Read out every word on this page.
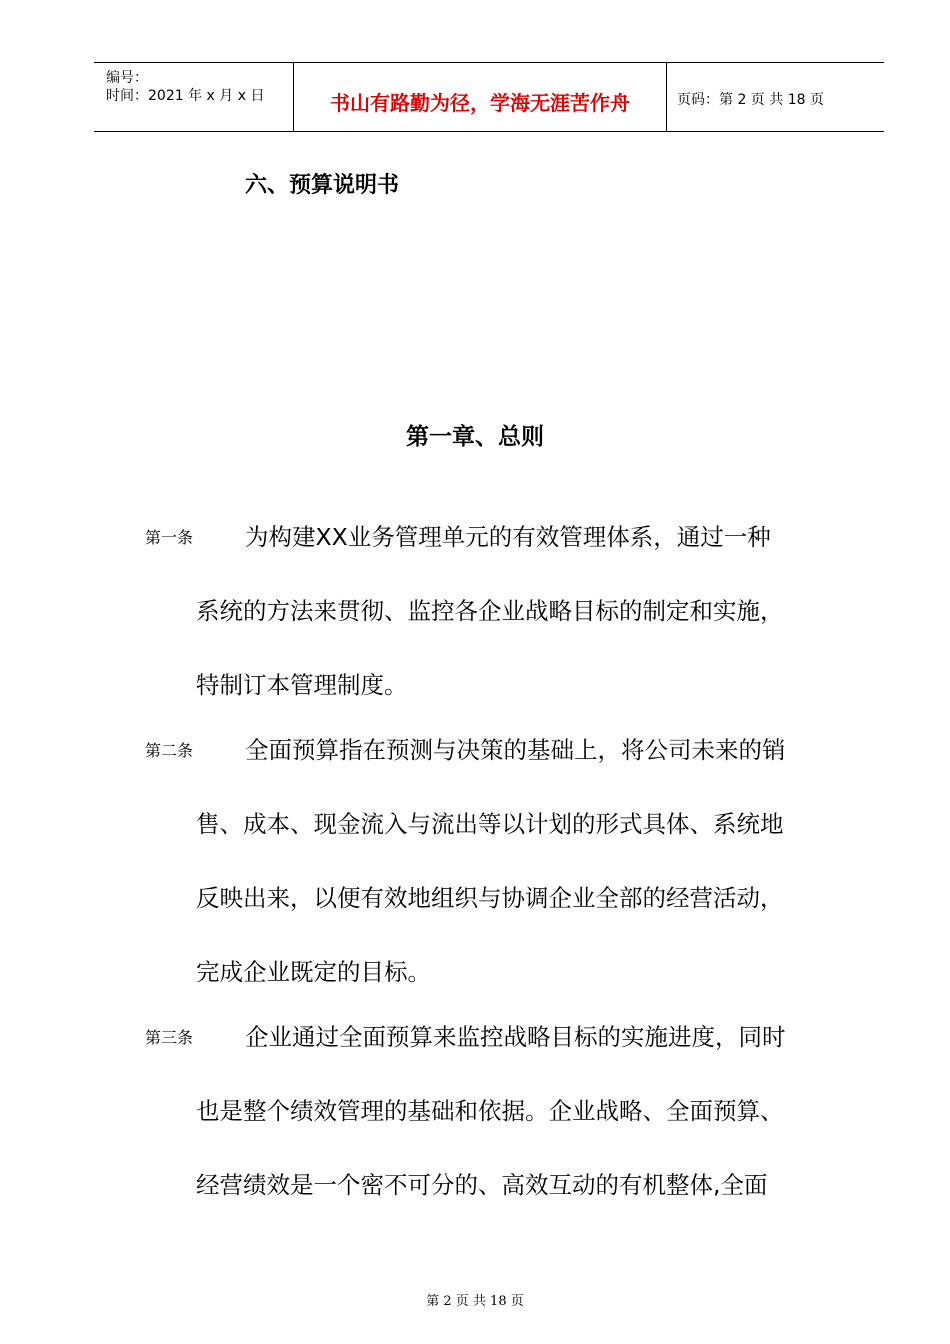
编号：
时间：2021 年 x 月 x 日	书山有路勤为径，学海无涯苦作舟	页码：第 2 页 共 18 页
六、预算说明书
第一章、总则
第一条 为构建XX业务管理单元的有效管理体系，通过一种
系统的方法来贯彻、监控各企业战略目标的制定和实施，
特制订本管理制度。
第二条 全面预算指在预测与决策的基础上，将公司未来的销
售、成本、现金流入与流出等以计划的形式具体、系统地
反映出来，以便有效地组织与协调企业全部的经营活动，
完成企业既定的目标。
第三条 企业通过全面预算来监控战略目标的实施进度，同时
也是整个绩效管理的基础和依据。企业战略、全面预算、
经营绩效是一个密不可分的、高效互动的有机整体,全面
第 2 页 共 18 页
